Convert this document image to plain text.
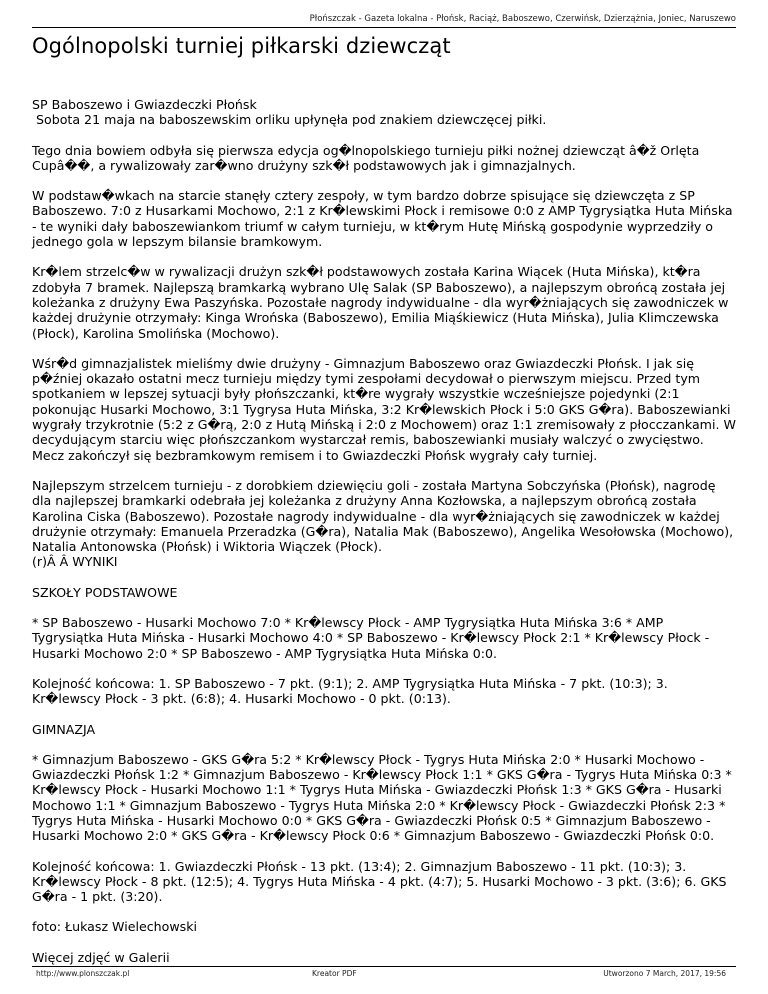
Płońszczak - Gazeta lokalna - Płońsk, Raciąż, Baboszewo, Czerwińsk, Dzierzążnia, Joniec, Naruszewo
Ogólnopolski turniej piłkarski dziewcząt

SP Baboszewo i Gwiazdeczki Płońsk
Sobota 21 maja na baboszewskim orliku upłynęła pod znakiem dziewczęcej piłki.

Tego dnia bowiem odbyła się pierwsza edycja og�lnopolskiego turnieju piłki nożnej dziewcząt â�ž Orlęta Cupâ��, a rywalizowały zar�wno drużyny szk�ł podstawowych jak i gimnazjalnych.

W podstaw�wkach na starcie stanęły cztery zespoły, w tym bardzo dobrze spisujące się dziewczęta z SP Baboszewo. 7:0 z Husarkami Mochowo, 2:1 z Kr�lewskimi Płock i remisowe 0:0 z AMP Tygrysiątka Huta Mińska - te wyniki dały baboszewiankom triumf w całym turnieju, w kt�rym Hutę Mińską gospodynie wyprzedziły o jednego gola w lepszym bilansie bramkowym.

Kr�lem strzelc�w w rywalizacji drużyn szk�ł podstawowych została Karina Wiącek (Huta Mińska), kt�ra zdobyła 7 bramek. Najlepszą bramkarką wybrano Ulę Salak (SP Baboszewo), a najlepszym obrońcą została jej koleżanka z drużyny Ewa Paszyńska. Pozostałe nagrody indywidualne - dla wyr�żniających się zawodniczek w każdej drużynie otrzymały: Kinga Wrońska (Baboszewo), Emilia Miąśkiewicz (Huta Mińska), Julia Klimczewska (Płock), Karolina Smolińska (Mochowo).

Wśr�d gimnazjalistek mieliśmy dwie drużyny - Gimnazjum Baboszewo oraz Gwiazdeczki Płońsk. I jak się p�źniej okazało ostatni mecz turnieju między tymi zespołami decydował o pierwszym miejscu. Przed tym spotkaniem w lepszej sytuacji były płońszczanki, kt�re wygrały wszystkie wcześniejsze pojedynki (2:1 pokonując Husarki Mochowo, 3:1 Tygrysa Huta Mińska, 3:2 Kr�lewskich Płock i 5:0 GKS G�ra). Baboszewianki wygrały trzykrotnie (5:2 z G�rą, 2:0 z Hutą Mińską i 2:0 z Mochowem) oraz 1:1 zremisowały z płocczankami. W decydującym starciu więc płońszczankom wystarczał remis, baboszewianki musiały walczyć o zwycięstwo. Mecz zakończył się bezbramkowym remisem i to Gwiazdeczki Płońsk wygrały cały turniej.

Najlepszym strzelcem turnieju - z dorobkiem dziewięciu goli - została Martyna Sobczyńska (Płońsk), nagrodę dla najlepszej bramkarki odebrała jej koleżanka z drużyny Anna Kozłowska, a najlepszym obrońcą została Karolina Ciska (Baboszewo). Pozostałe nagrody indywidualne - dla wyr�żniających się zawodniczek w każdej drużynie otrzymały: Emanuela Przeradzka (G�ra), Natalia Mak (Baboszewo), Angelika Wesołowska (Mochowo), Natalia Antonowska (Płońsk) i Wiktoria Wiączek (Płock).
(r)Â Â WYNIKI

SZKOŁY PODSTAWOWE

* SP Baboszewo - Husarki Mochowo 7:0 * Kr�lewscy Płock - AMP Tygrysiątka Huta Mińska 3:6 * AMP Tygrysiątka Huta Mińska - Husarki Mochowo 4:0 * SP Baboszewo - Kr�lewscy Płock 2:1 * Kr�lewscy Płock - Husarki Mochowo 2:0 * SP Baboszewo - AMP Tygrysiątka Huta Mińska 0:0.

Kolejność końcowa: 1. SP Baboszewo - 7 pkt. (9:1); 2. AMP Tygrysiątka Huta Mińska - 7 pkt. (10:3); 3. Kr�lewscy Płock - 3 pkt. (6:8); 4. Husarki Mochowo - 0 pkt. (0:13).

GIMNAZJA

* Gimnazjum Baboszewo - GKS G�ra 5:2 * Kr�lewscy Płock - Tygrys Huta Mińska 2:0 * Husarki Mochowo - Gwiazdeczki Płońsk 1:2 * Gimnazjum Baboszewo - Kr�lewscy Płock 1:1 * GKS G�ra - Tygrys Huta Mińska 0:3 * Kr�lewscy Płock - Husarki Mochowo 1:1 * Tygrys Huta Mińska - Gwiazdeczki Płońsk 1:3 * GKS G�ra - Husarki Mochowo 1:1 * Gimnazjum Baboszewo - Tygrys Huta Mińska 2:0 * Kr�lewscy Płock - Gwiazdeczki Płońsk 2:3 * Tygrys Huta Mińska - Husarki Mochowo 0:0 * GKS G�ra - Gwiazdeczki Płońsk 0:5 * Gimnazjum Baboszewo - Husarki Mochowo 2:0 * GKS G�ra - Kr�lewscy Płock 0:6 * Gimnazjum Baboszewo - Gwiazdeczki Płońsk 0:0.

Kolejność końcowa: 1. Gwiazdeczki Płońsk - 13 pkt. (13:4); 2. Gimnazjum Baboszewo - 11 pkt. (10:3); 3. Kr�lewscy Płock - 8 pkt. (12:5); 4. Tygrys Huta Mińska - 4 pkt. (4:7); 5. Husarki Mochowo - 3 pkt. (3:6); 6. GKS G�ra - 1 pkt. (3:20).

foto: Łukasz Wielechowski

Więcej zdjęć w Galerii

http://www.plonszczak.pl	Kreator PDF	Utworzono 7 March, 2017, 19:56
